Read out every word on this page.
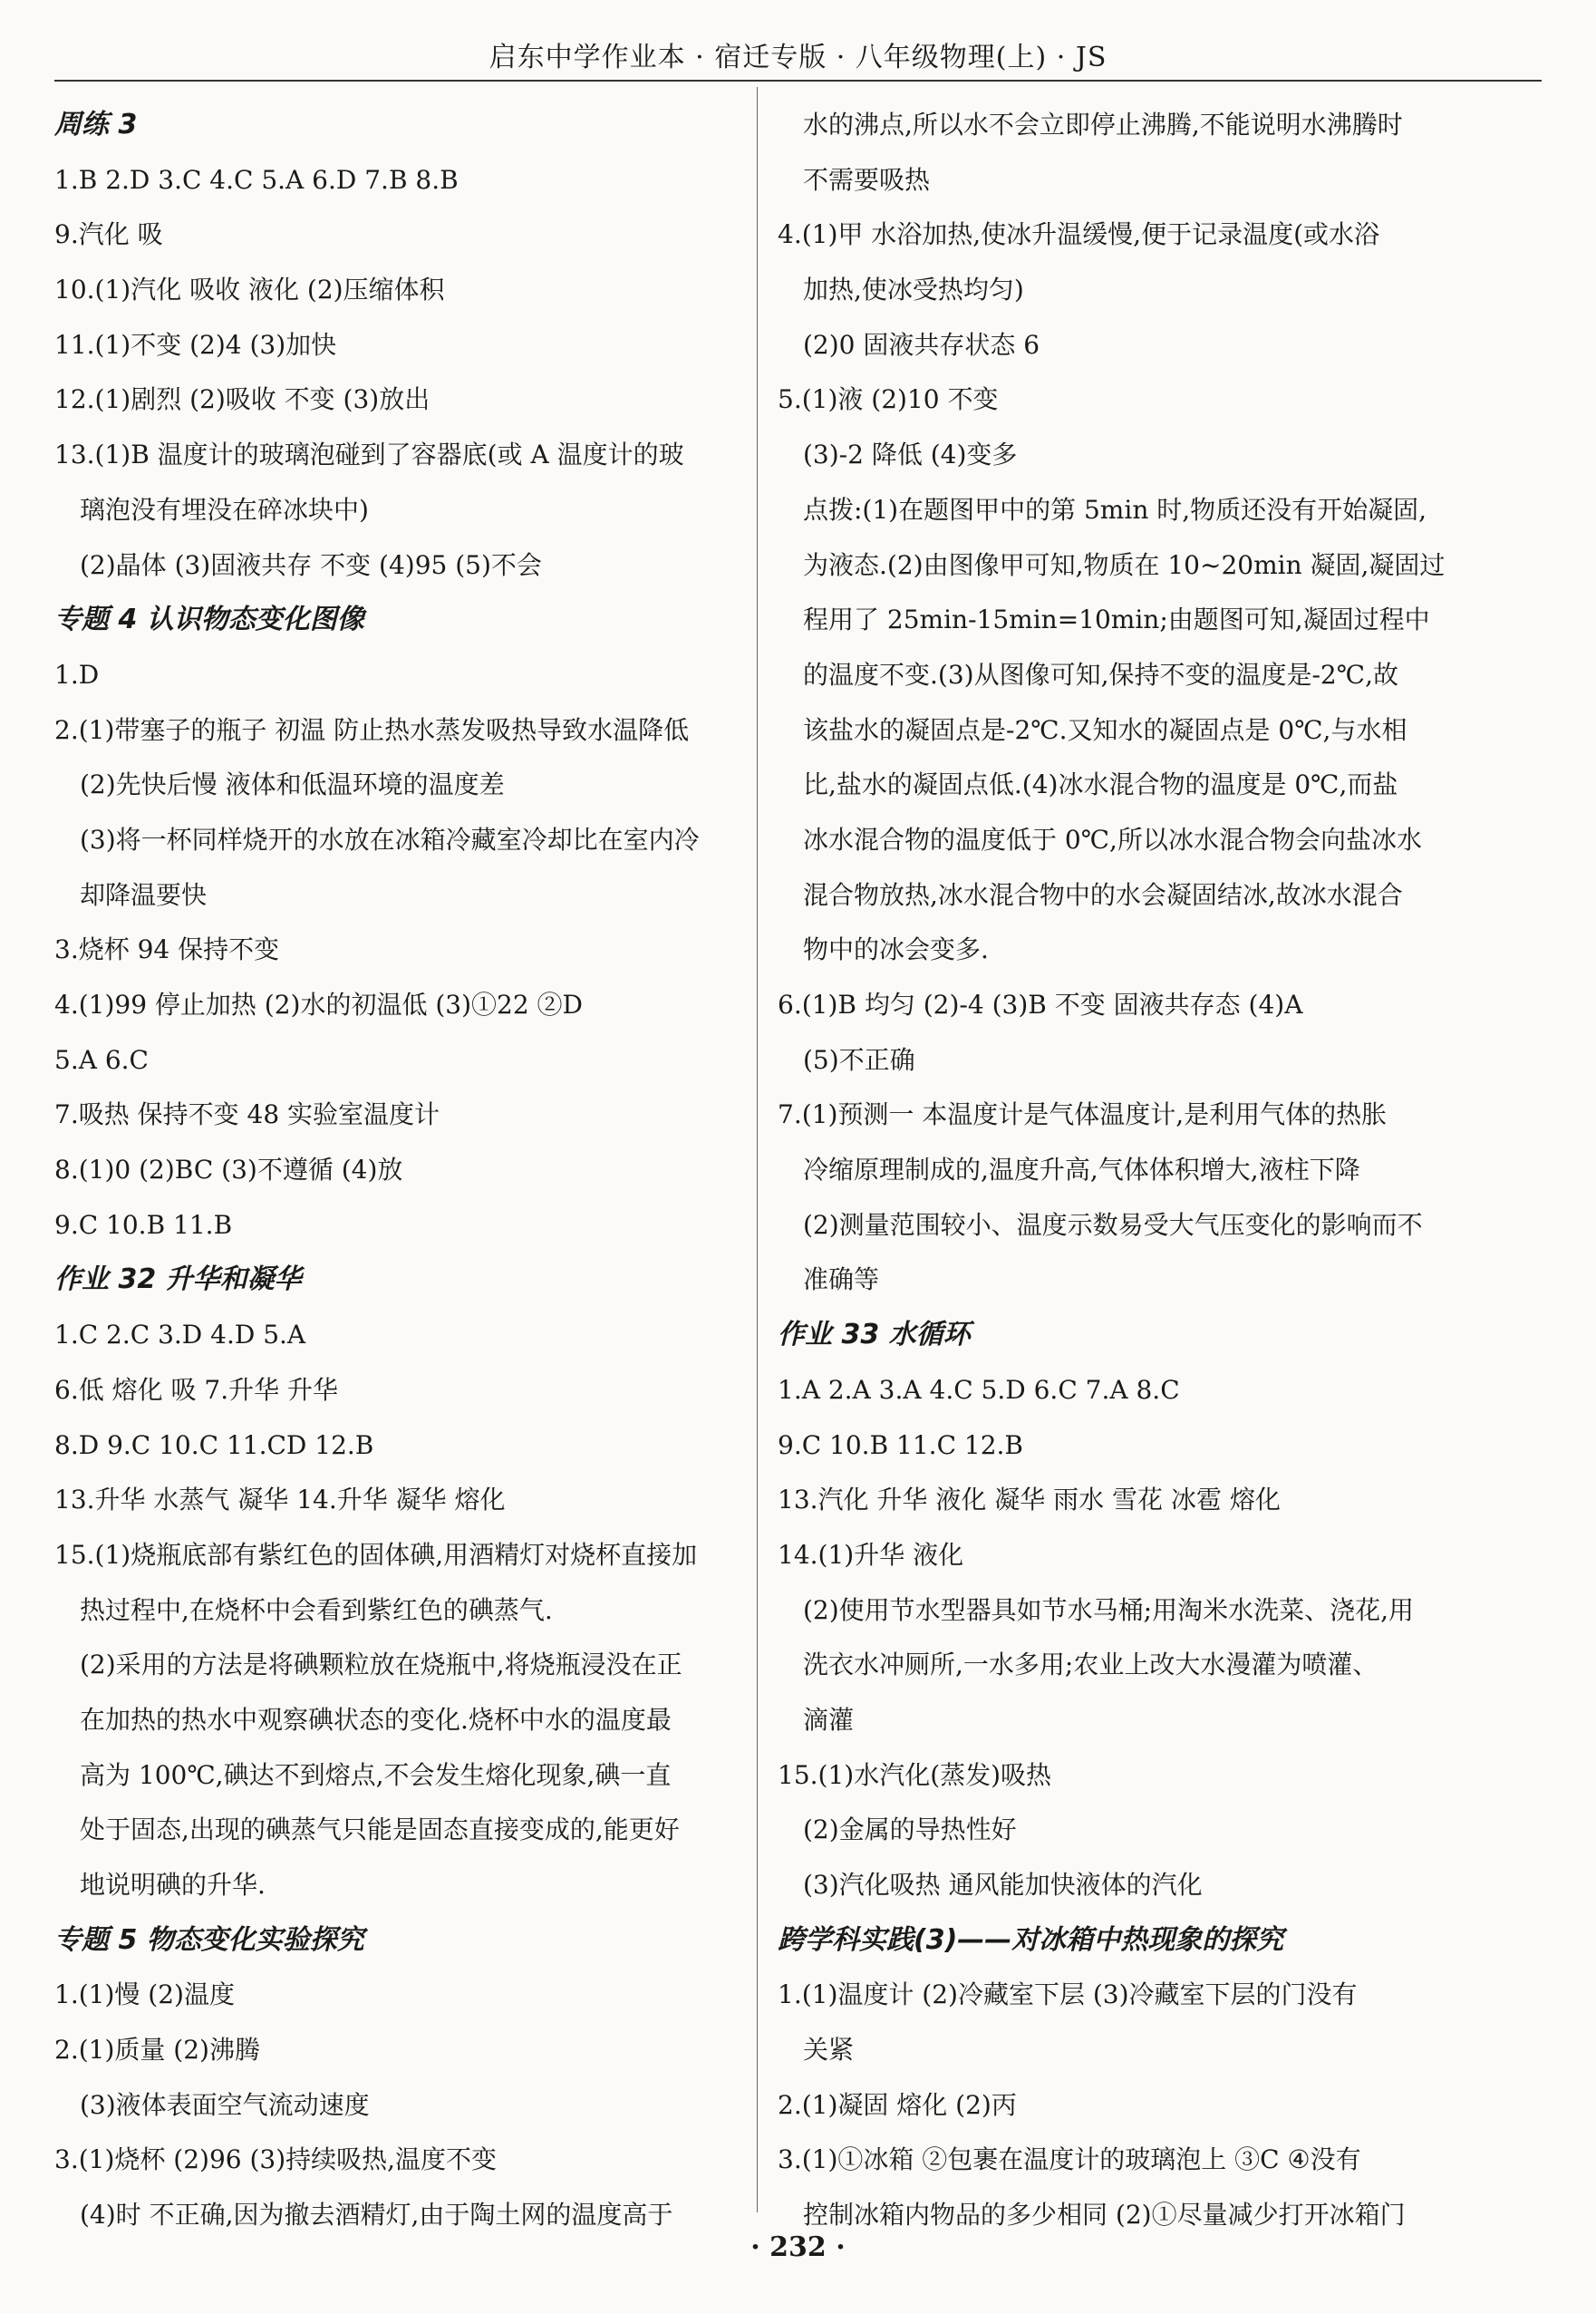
启东中学作业本 · 宿迁专版 · 八年级物理(上) · JS
周练 3
1.B 2.D 3.C 4.C 5.A 6.D 7.B 8.B
9.汽化 吸
10.(1)汽化 吸收 液化 (2)压缩体积
11.(1)不变 (2)4 (3)加快
12.(1)剧烈 (2)吸收 不变 (3)放出
13.(1)B 温度计的玻璃泡碰到了容器底(或 A 温度计的玻
璃泡没有埋没在碎冰块中)
(2)晶体 (3)固液共存 不变 (4)95 (5)不会
专题 4 认识物态变化图像
1.D
2.(1)带塞子的瓶子 初温 防止热水蒸发吸热导致水温降低
(2)先快后慢 液体和低温环境的温度差
(3)将一杯同样烧开的水放在冰箱冷藏室冷却比在室内冷
却降温要快
3.烧杯 94 保持不变
4.(1)99 停止加热 (2)水的初温低 (3)①22 ②D
5.A 6.C
7.吸热 保持不变 48 实验室温度计
8.(1)0 (2)BC (3)不遵循 (4)放
9.C 10.B 11.B
作业 32 升华和凝华
1.C 2.C 3.D 4.D 5.A
6.低 熔化 吸 7.升华 升华
8.D 9.C 10.C 11.CD 12.B
13.升华 水蒸气 凝华 14.升华 凝华 熔化
15.(1)烧瓶底部有紫红色的固体碘,用酒精灯对烧杯直接加
热过程中,在烧杯中会看到紫红色的碘蒸气.
(2)采用的方法是将碘颗粒放在烧瓶中,将烧瓶浸没在正
在加热的热水中观察碘状态的变化.烧杯中水的温度最
高为 100℃,碘达不到熔点,不会发生熔化现象,碘一直
处于固态,出现的碘蒸气只能是固态直接变成的,能更好
地说明碘的升华.
专题 5 物态变化实验探究
1.(1)慢 (2)温度
2.(1)质量 (2)沸腾
(3)液体表面空气流动速度
3.(1)烧杯 (2)96 (3)持续吸热,温度不变
(4)时 不正确,因为撤去酒精灯,由于陶土网的温度高于
水的沸点,所以水不会立即停止沸腾,不能说明水沸腾时
不需要吸热
4.(1)甲 水浴加热,使冰升温缓慢,便于记录温度(或水浴
加热,使冰受热均匀)
(2)0 固液共存状态 6
5.(1)液 (2)10 不变
(3)-2 降低 (4)变多
点拨:(1)在题图甲中的第 5min 时,物质还没有开始凝固,
为液态.(2)由图像甲可知,物质在 10~20min 凝固,凝固过
程用了 25min-15min=10min;由题图可知,凝固过程中
的温度不变.(3)从图像可知,保持不变的温度是-2℃,故
该盐水的凝固点是-2℃.又知水的凝固点是 0℃,与水相
比,盐水的凝固点低.(4)冰水混合物的温度是 0℃,而盐
冰水混合物的温度低于 0℃,所以冰水混合物会向盐冰水
混合物放热,冰水混合物中的水会凝固结冰,故冰水混合
物中的冰会变多.
6.(1)B 均匀 (2)-4 (3)B 不变 固液共存态 (4)A
(5)不正确
7.(1)预测一 本温度计是气体温度计,是利用气体的热胀
冷缩原理制成的,温度升高,气体体积增大,液柱下降
(2)测量范围较小、温度示数易受大气压变化的影响而不
准确等
作业 33 水循环
1.A 2.A 3.A 4.C 5.D 6.C 7.A 8.C
9.C 10.B 11.C 12.B
13.汽化 升华 液化 凝华 雨水 雪花 冰雹 熔化
14.(1)升华 液化
(2)使用节水型器具如节水马桶;用淘米水洗菜、浇花,用
洗衣水冲厕所,一水多用;农业上改大水漫灌为喷灌、
滴灌
15.(1)水汽化(蒸发)吸热
(2)金属的导热性好
(3)汽化吸热 通风能加快液体的汽化
跨学科实践(3)——对冰箱中热现象的探究
1.(1)温度计 (2)冷藏室下层 (3)冷藏室下层的门没有
关紧
2.(1)凝固 熔化 (2)丙
3.(1)①冰箱 ②包裹在温度计的玻璃泡上 ③C ④没有
控制冰箱内物品的多少相同 (2)①尽量减少打开冰箱门
· 232 ·
